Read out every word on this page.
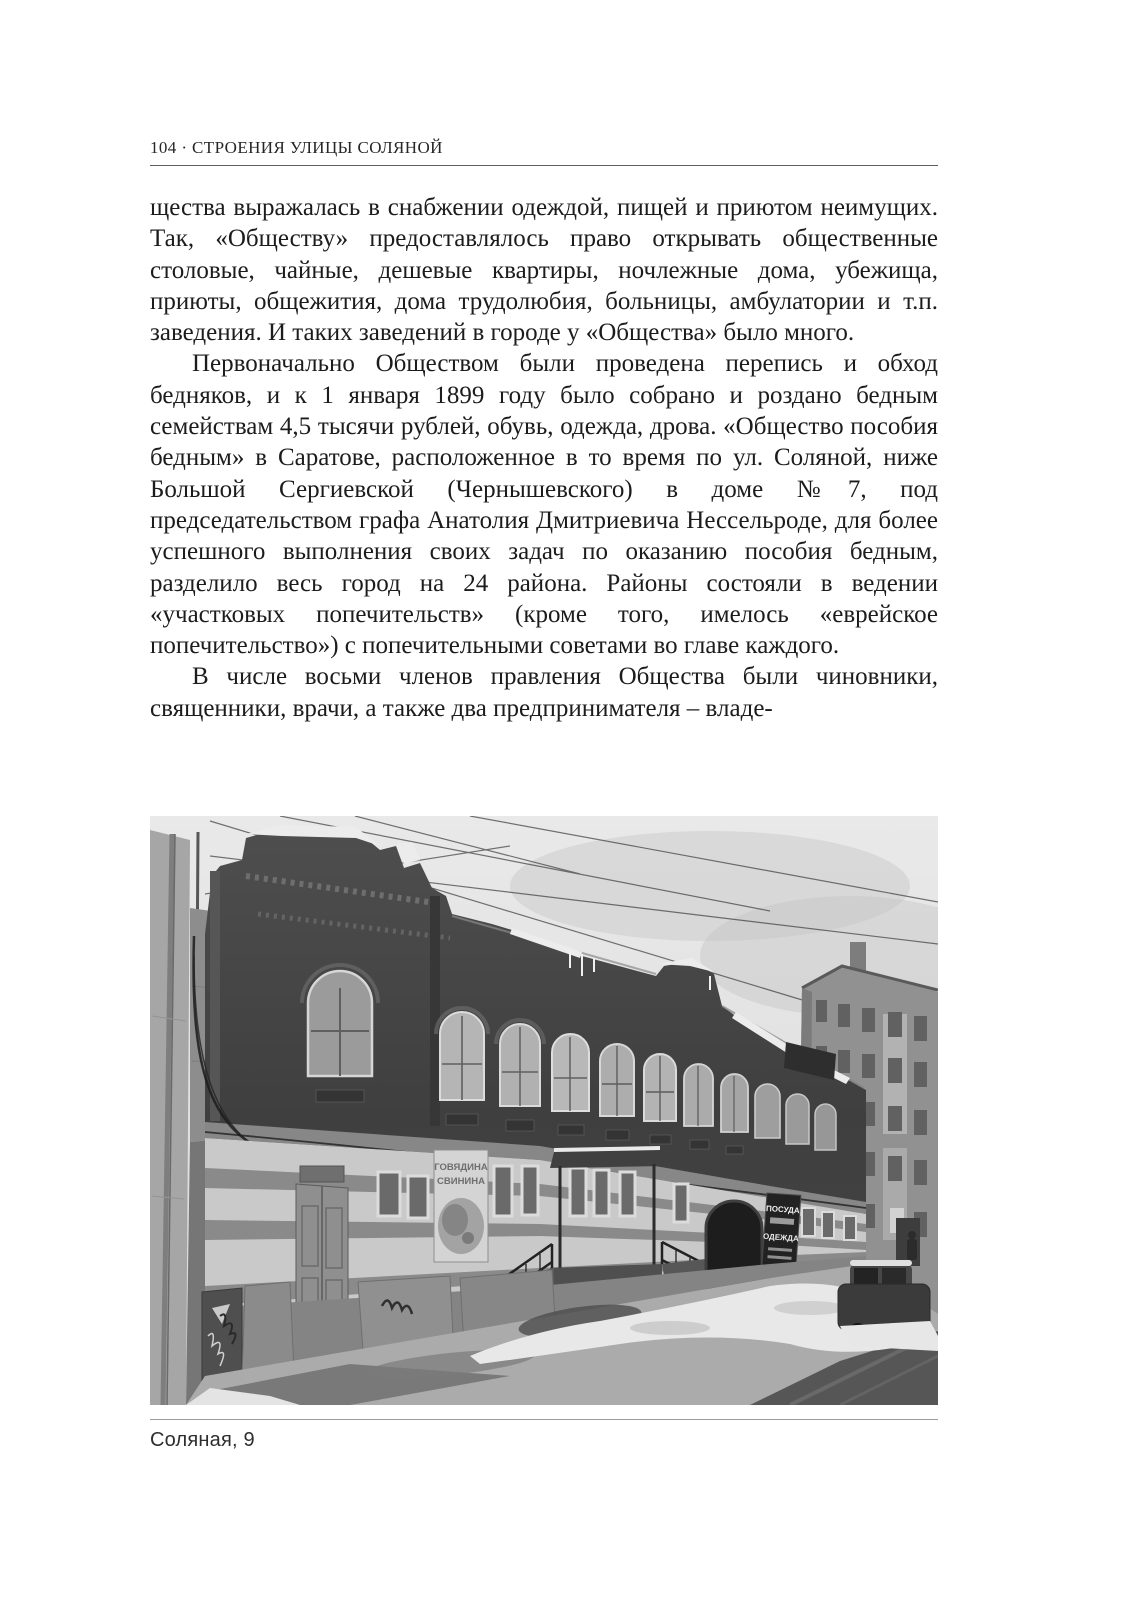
104 · СТРОЕНИЯ УЛИЦЫ СОЛЯНОЙ

щества выражалась в снабжении одеждой, пищей и приютом неимущих. Так, «Обществу» предоставлялось право открывать общественные столовые, чайные, дешевые квартиры, ночлежные дома, убежища, приюты, общежития, дома трудолюбия, больницы, амбулатории и т.п. заведения. И таких заведений в городе у «Общества» было много.

Первоначально Обществом были проведена перепись и обход бедняков, и к 1 января 1899 году было собрано и роздано бедным семействам 4,5 тысячи рублей, обувь, одежда, дрова. «Общество пособия бедным» в Саратове, расположенное в то время по ул. Соляной, ниже Большой Сергиевской (Чернышевского) в доме №7, под председательством графа Анатолия Дмитриевича Нессельроде, для более успешного выполнения своих задач по оказанию пособия бедным, разделило весь город на 24 района. Районы состояли в ведении «участковых попечительств» (кроме того, имелось «еврейское попечительство») с попечительными советами во главе каждого.

В числе восьми членов правления Общества были чиновники, священники, врачи, а также два предпринимателя – владе-

ГОВЯДИНА
СВИНИНА
ПОСУДА
ОДЕЖДА
Соляная, 9
